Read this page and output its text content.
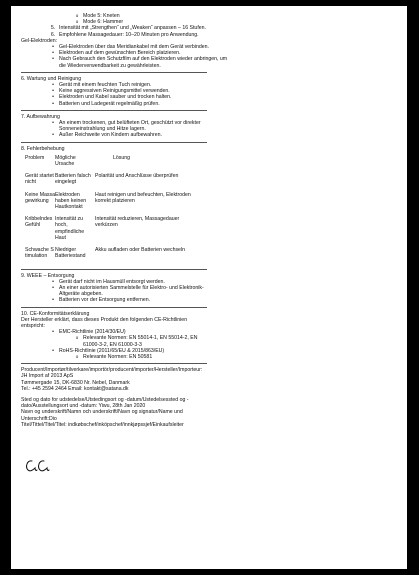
o Mode 5: Kneten
o Mode 6: Hammer
5. Intensität mit „Strengthen“ und „Weaken“ anpassen – 16 Stufen.
6. Empfohlene Massagedauer: 10–20 Minuten pro Anwendung.
Gel-Elektroden:
• Gel-Elektroden über das Meridiankabel mit dem Gerät verbinden.
• Elektroden auf dem gewünschten Bereich platzieren.
• Nach Gebrauch den Schutzfilm auf den Elektroden wieder anbringen, um die Wiederverwendbarkeit zu gewährleisten.
6. Wartung und Reinigung
• Gerät mit einem feuchten Tuch reinigen.
• Keine aggressiven Reinigungsmittel verwenden.
• Elektroden und Kabel sauber und trocken halten.
• Batterien und Ladegerät regelmäßig prüfen.
7. Aufbewahrung
• An einem trockenen, gut belüfteten Ort, geschützt vor direkter Sonneneinstrahlung und Hitze lagern.
• Außer Reichweite von Kindern aufbewahren.
8. Fehlerbehebung
Problem	Mögliche Ursache	Lösung
Gerät startet nicht	Batterien falsch eingelegt	Polarität und Anschlüsse überprüfen
Keine Massagewirkung	Elektroden haben keinen Hautkontakt	Haut reinigen und befeuchten, Elektroden korrekt platzieren
Kribbelndes Gefühl	Intensität zu hoch, empfindliche Haut	Intensität reduzieren, Massagedauer verkürzen
Schwache Stimulation	Niedriger Batteriestand	Akku aufladen oder Batterien wechseln
9. WEEE – Entsorgung
• Gerät darf nicht im Hausmüll entsorgt werden.
• An einer autorisierten Sammelstelle für Elektro- und Elektronik-Altgeräte abgeben.
• Batterien vor der Entsorgung entfernen.
10. CE-Konformitätserklärung
Der Hersteller erklärt, dass dieses Produkt den folgenden CE-Richtlinien entspricht:
• EMC-Richtlinie (2014/30/EU)
o Relevante Normen: EN 55014-1, EN 55014-2, EN 61000-3-2, EN 61000-3-3
• RoHS-Richtlinie (2011/65/EU & 2015/863/EU)
o Relevante Normen: EN 50581
Producent/Importør/tilverkare/importör/producent/importer/Hersteller/Importeur:
JH Import af 2013 ApS
Tømmergade 15, DK-6830 Nr. Nebel, Danmark
Tel.: +45 2594 2464 Email: kontakt@satana.dk
Sted og dato for udstedelse/Utstedingsort og -datum/Ustedelsessted og -dato/Ausstellungsort und -datum: Yiwu, 28th Jan 2020
Navn og underskrift/Namn och underskrift/Navn og signatur/Name und Unterschrift:Dio
Titel/Tittel/Titel/Titel: indkøbschef/inköpschef/innkjøpssjef/Einkaufsleiter
